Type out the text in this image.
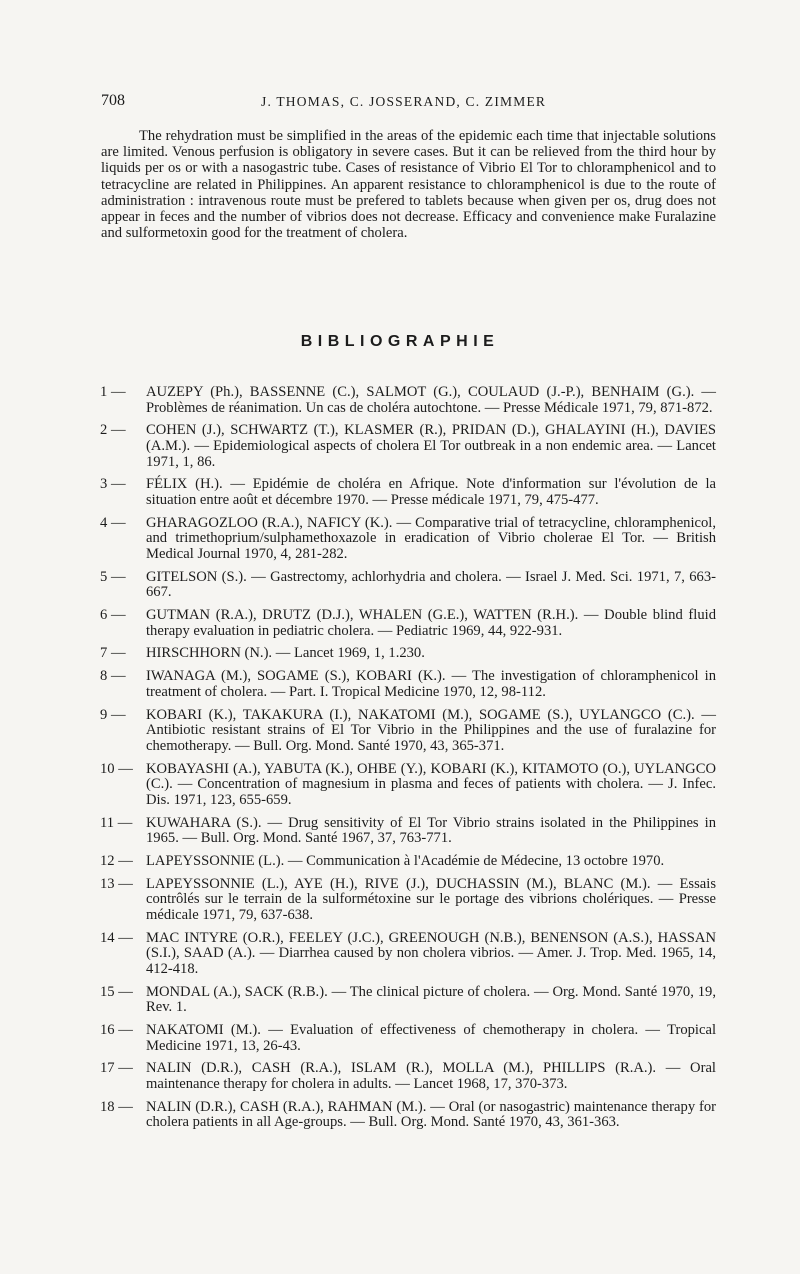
708	J. THOMAS, C. JOSSERAND, C. ZIMMER

The rehydration must be simplified in the areas of the epidemic each time that injectable solutions are limited. Venous perfusion is obligatory in severe cases. But it can be relieved from the third hour by liquids per os or with a nasogastric tube. Cases of resistance of Vibrio El Tor to chloramphenicol and to tetracycline are related in Philippines. An apparent resistance to chloramphenicol is due to the route of administration : intravenous route must be prefered to tablets because when given per os, drug does not appear in feces and the number of vibrios does not decrease. Efficacy and convenience make Furalazine and sulformetoxin good for the treatment of cholera.

BIBLIOGRAPHIE
1 —	AUZEPY (Ph.), BASSENNE (C.), SALMOT (G.), COULAUD (J.-P.), BENHAIM (G.). — Problèmes de réanimation. Un cas de choléra autochtone. — Presse Médicale 1971, 79, 871-872.
2 —	COHEN (J.), SCHWARTZ (T.), KLASMER (R.), PRIDAN (D.), GHALAYINI (H.), DAVIES (A.M.). — Epidemiological aspects of cholera El Tor outbreak in a non endemic area. — Lancet 1971, 1, 86.
3 —	FÉLIX (H.). — Epidémie de choléra en Afrique. Note d'information sur l'évolution de la situation entre août et décembre 1970. — Presse médicale 1971, 79, 475-477.
4 —	GHARAGOZLOO (R.A.), NAFICY (K.). — Comparative trial of tetracycline, chloramphenicol, and trimethoprium/sulphamethoxazole in eradication of Vibrio cholerae El Tor. — British Medical Journal 1970, 4, 281-282.
5 —	GITELSON (S.). — Gastrectomy, achlorhydria and cholera. — Israel J. Med. Sci. 1971, 7, 663-667.
6 —	GUTMAN (R.A.), DRUTZ (D.J.), WHALEN (G.E.), WATTEN (R.H.). — Double blind fluid therapy evaluation in pediatric cholera. — Pediatric 1969, 44, 922-931.
7 —	HIRSCHHORN (N.). — Lancet 1969, 1, 1.230.
8 —	IWANAGA (M.), SOGAME (S.), KOBARI (K.). — The investigation of chloramphenicol in treatment of cholera. — Part. I. Tropical Medicine 1970, 12, 98-112.
9 —	KOBARI (K.), TAKAKURA (I.), NAKATOMI (M.), SOGAME (S.), UYLANGCO (C.). — Antibiotic resistant strains of El Tor Vibrio in the Philippines and the use of furalazine for chemotherapy. — Bull. Org. Mond. Santé 1970, 43, 365-371.
10 — KOBAYASHI (A.), YABUTA (K.), OHBE (Y.), KOBARI (K.), KITAMOTO (O.), UYLANGCO (C.). — Concentration of magnesium in plasma and feces of patients with cholera. — J. Infec. Dis. 1971, 123, 655-659.
11 — KUWAHARA (S.). — Drug sensitivity of El Tor Vibrio strains isolated in the Philippines in 1965. — Bull. Org. Mond. Santé 1967, 37, 763-771.
12 — LAPEYSSONNIE (L.). — Communication à l'Académie de Médecine, 13 octobre 1970.
13 — LAPEYSSONNIE (L.), AYE (H.), RIVE (J.), DUCHASSIN (M.), BLANC (M.). — Essais contrôlés sur le terrain de la sulformétoxine sur le portage des vibrions cholériques. — Presse médicale 1971, 79, 637-638.
14 — MAC INTYRE (O.R.), FEELEY (J.C.), GREENOUGH (N.B.), BENENSON (A.S.), HASSAN (S.I.), SAAD (A.). — Diarrhea caused by non cholera vibrios. — Amer. J. Trop. Med. 1965, 14, 412-418.
15 — MONDAL (A.), SACK (R.B.). — The clinical picture of cholera. — Org. Mond. Santé 1970, 19, Rev. 1.
16 — NAKATOMI (M.). — Evaluation of effectiveness of chemotherapy in cholera. — Tropical Medicine 1971, 13, 26-43.
17 — NALIN (D.R.), CASH (R.A.), ISLAM (R.), MOLLA (M.), PHILLIPS (R.A.). — Oral maintenance therapy for cholera in adults. — Lancet 1968, 17, 370-373.
18 — NALIN (D.R.), CASH (R.A.), RAHMAN (M.). — Oral (or nasogastric) maintenance therapy for cholera patients in all Age-groups. — Bull. Org. Mond. Santé 1970, 43, 361-363.
